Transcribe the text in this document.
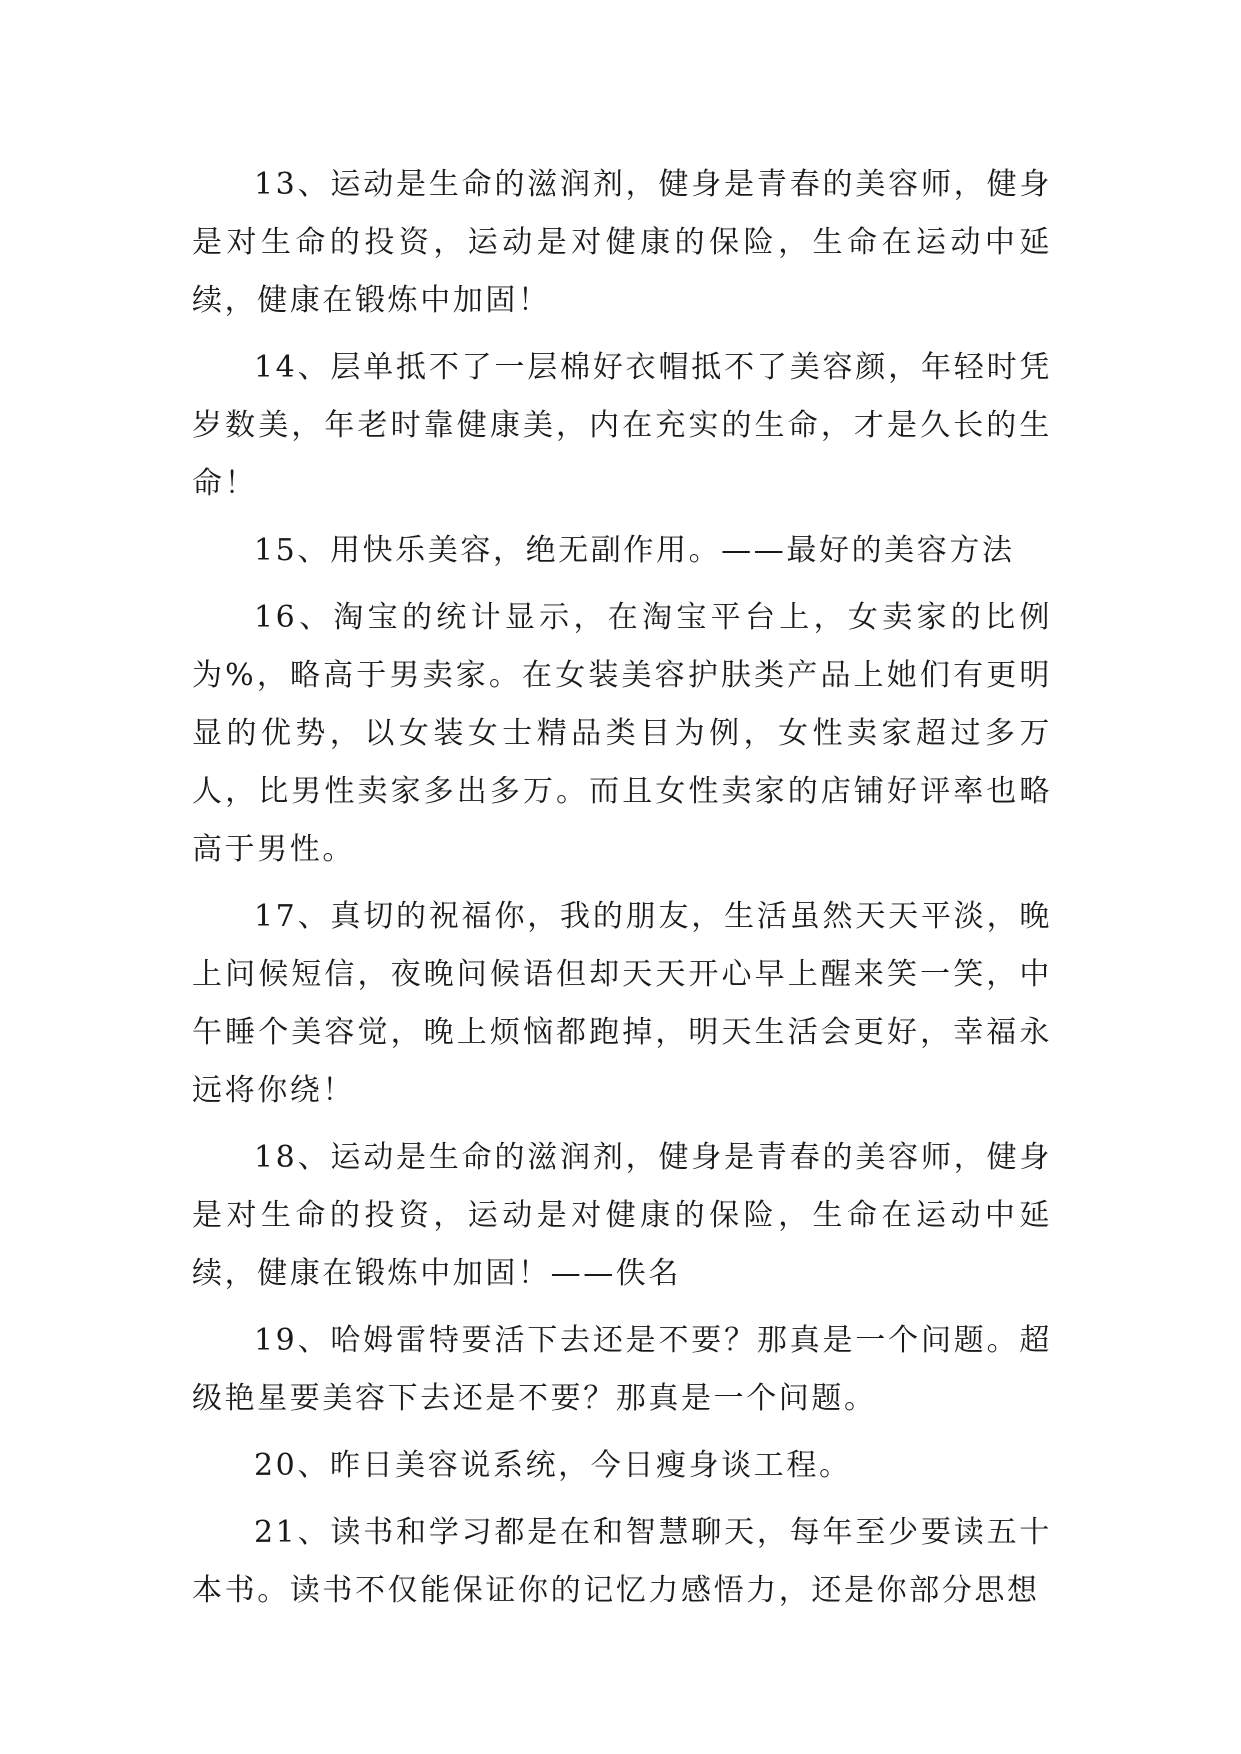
13、运动是生命的滋润剂，健身是青春的美容师，健身是对生命的投资，运动是对健康的保险，生命在运动中延续，健康在锻炼中加固！

14、层单抵不了一层棉好衣帽抵不了美容颜，年轻时凭岁数美，年老时靠健康美，内在充实的生命，才是久长的生命！

15、用快乐美容，绝无副作用。——最好的美容方法

16、淘宝的统计显示，在淘宝平台上，女卖家的比例为%，略高于男卖家。在女装美容护肤类产品上她们有更明显的优势，以女装女士精品类目为例，女性卖家超过多万人，比男性卖家多出多万。而且女性卖家的店铺好评率也略高于男性。

17、真切的祝福你，我的朋友，生活虽然天天平淡，晚上问候短信，夜晚问候语但却天天开心早上醒来笑一笑，中午睡个美容觉，晚上烦恼都跑掉，明天生活会更好，幸福永远将你绕！

18、运动是生命的滋润剂，健身是青春的美容师，健身是对生命的投资，运动是对健康的保险，生命在运动中延续，健康在锻炼中加固！——佚名

19、哈姆雷特要活下去还是不要？那真是一个问题。超级艳星要美容下去还是不要？那真是一个问题。

20、昨日美容说系统，今日瘦身谈工程。

21、读书和学习都是在和智慧聊天，每年至少要读五十本书。读书不仅能保证你的记忆力感悟力，还是你部分思想
